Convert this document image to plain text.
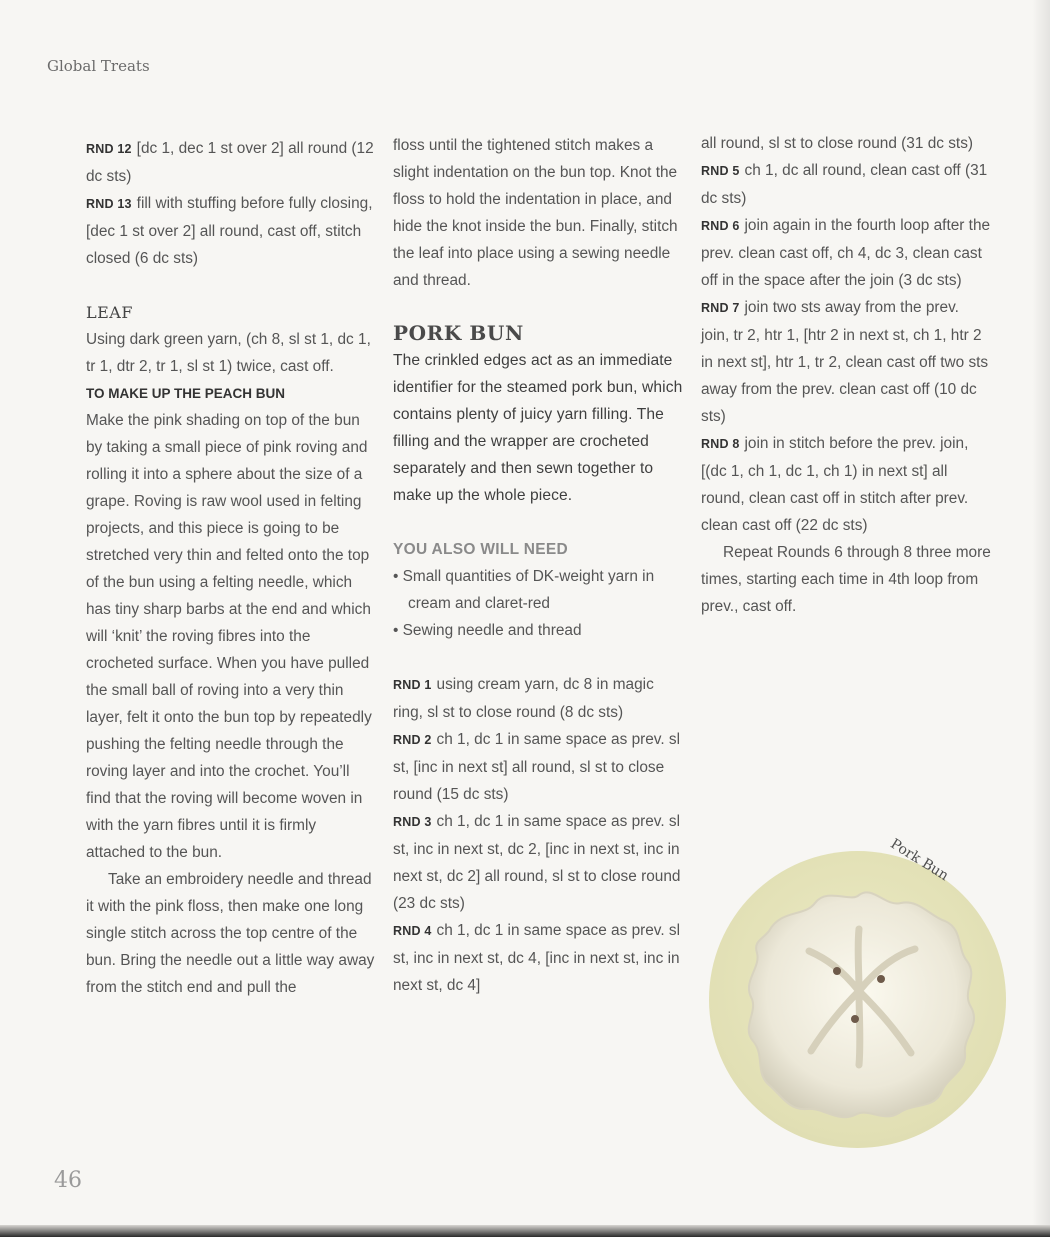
Global Treats

RND 12 [dc 1, dec 1 st over 2] all round (12 dc sts)

RND 13 fill with stuffing before fully closing, [dec 1 st over 2] all round, cast off, stitch closed (6 dc sts)

LEAF

Using dark green yarn, (ch 8, sl st 1, dc 1, tr 1, dtr 2, tr 1, sl st 1) twice, cast off.

TO MAKE UP THE PEACH BUN

Make the pink shading on top of the bun by taking a small piece of pink roving and rolling it into a sphere about the size of a grape. Roving is raw wool used in felting projects, and this piece is going to be stretched very thin and felted onto the top of the bun using a felting needle, which has tiny sharp barbs at the end and which will ‘knit’ the roving fibres into the crocheted surface. When you have pulled the small ball of roving into a very thin layer, felt it onto the bun top by repeatedly pushing the felting needle through the roving layer and into the crochet. You’ll find that the roving will become woven in with the yarn fibres until it is firmly attached to the bun.

Take an embroidery needle and thread it with the pink floss, then make one long single stitch across the top centre of the bun. Bring the needle out a little way away from the stitch end and pull the

floss until the tightened stitch makes a slight indentation on the bun top. Knot the floss to hold the indentation in place, and hide the knot inside the bun. Finally, stitch the leaf into place using a sewing needle and thread.

PORK BUN

The crinkled edges act as an immediate identifier for the steamed pork bun, which contains plenty of juicy yarn filling. The filling and the wrapper are crocheted separately and then sewn together to make up the whole piece.

YOU ALSO WILL NEED

• Small quantities of DK-weight yarn in cream and claret-red
• Sewing needle and thread

RND 1 using cream yarn, dc 8 in magic ring, sl st to close round (8 dc sts)

RND 2 ch 1, dc 1 in same space as prev. sl st, [inc in next st] all round, sl st to close round (15 dc sts)

RND 3 ch 1, dc 1 in same space as prev. sl st, inc in next st, dc 2, [inc in next st, inc in next st, dc 2] all round, sl st to close round (23 dc sts)

RND 4 ch 1, dc 1 in same space as prev. sl st, inc in next st, dc 4, [inc in next st, inc in next st, dc 4]

all round, sl st to close round (31 dc sts)

RND 5 ch 1, dc all round, clean cast off (31 dc sts)

RND 6 join again in the fourth loop after the prev. clean cast off, ch 4, dc 3, clean cast off in the space after the join (3 dc sts)

RND 7 join two sts away from the prev. join, tr 2, htr 1, [htr 2 in next st, ch 1, htr 2 in next st], htr 1, tr 2, clean cast off two sts away from the prev. clean cast off (10 dc sts)

RND 8 join in stitch before the prev. join, [(dc 1, ch 1, dc 1, ch 1) in next st] all round, clean cast off in stitch after prev. clean cast off (22 dc sts)

Repeat Rounds 6 through 8 three more times, starting each time in 4th loop from prev., cast off.

Pork Bun
46
